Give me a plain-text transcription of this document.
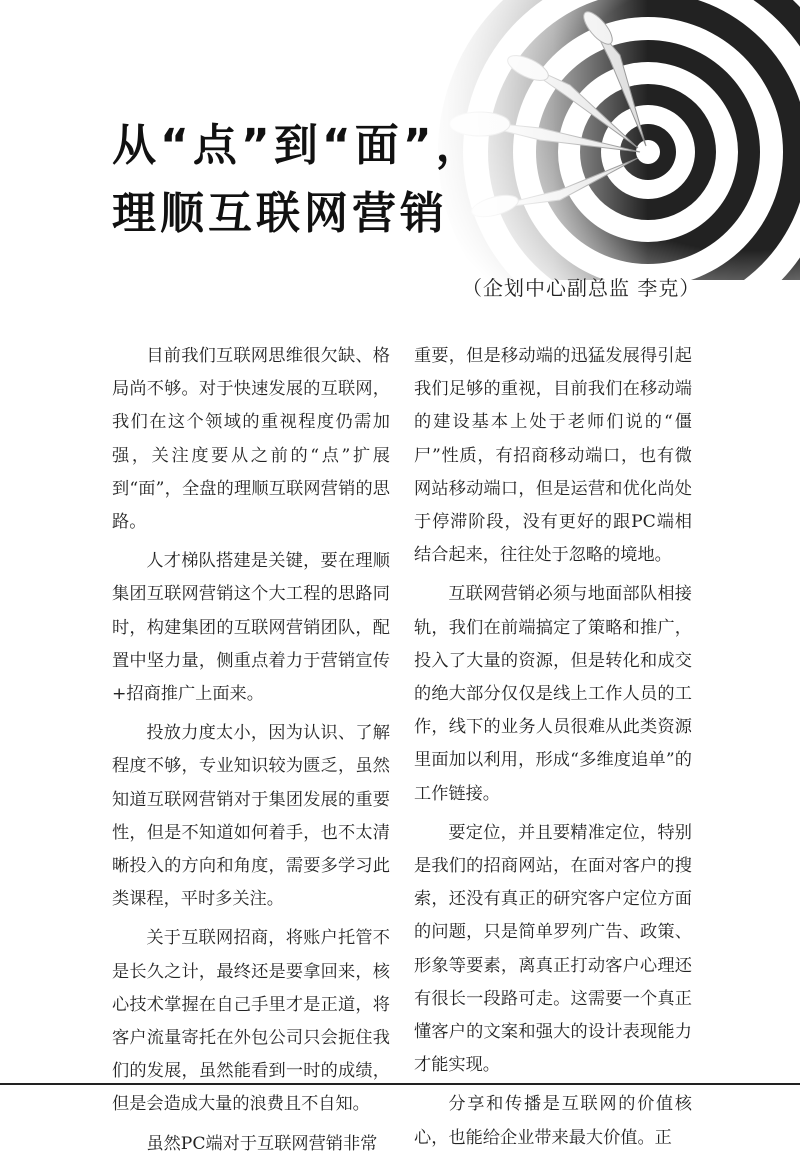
从“点”到“面”，
理顺互联网营销
（企划中心副总监 李克）

目前我们互联网思维很欠缺、格局尚不够。对于快速发展的互联网，我们在这个领域的重视程度仍需加强，关注度要从之前的“点”扩展到“面”，全盘的理顺互联网营销的思路。

人才梯队搭建是关键，要在理顺集团互联网营销这个大工程的思路同时，构建集团的互联网营销团队，配置中坚力量，侧重点着力于营销宣传+招商推广上面来。

投放力度太小，因为认识、了解程度不够，专业知识较为匮乏，虽然知道互联网营销对于集团发展的重要性，但是不知道如何着手，也不太清晰投入的方向和角度，需要多学习此类课程，平时多关注。

关于互联网招商，将账户托管不是长久之计，最终还是要拿回来，核心技术掌握在自己手里才是正道，将客户流量寄托在外包公司只会扼住我们的发展，虽然能看到一时的成绩，但是会造成大量的浪费且不自知。

虽然PC端对于互联网营销非常

重要，但是移动端的迅猛发展得引起我们足够的重视，目前我们在移动端的建设基本上处于老师们说的“僵尸”性质，有招商移动端口，也有微网站移动端口，但是运营和优化尚处于停滞阶段，没有更好的跟PC端相结合起来，往往处于忽略的境地。

互联网营销必须与地面部队相接轨，我们在前端搞定了策略和推广，投入了大量的资源，但是转化和成交的绝大部分仅仅是线上工作人员的工作，线下的业务人员很难从此类资源里面加以利用，形成“多维度追单”的工作链接。

要定位，并且要精准定位，特别是我们的招商网站，在面对客户的搜索，还没有真正的研究客户定位方面的问题，只是简单罗列广告、政策、形象等要素，离真正打动客户心理还有很长一段路可走。这需要一个真正懂客户的文案和强大的设计表现能力才能实现。

分享和传播是互联网的价值核心，也能给企业带来最大价值。正
